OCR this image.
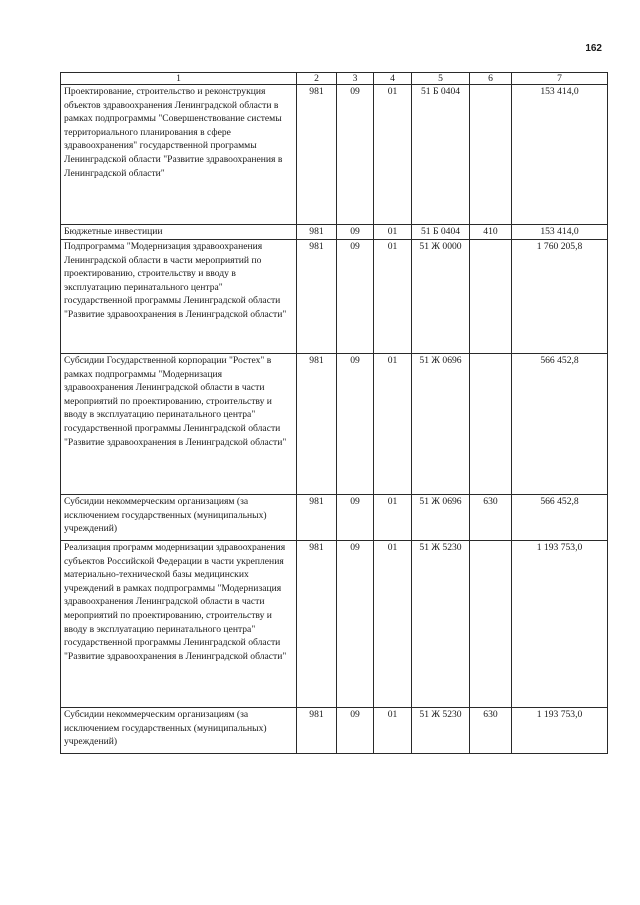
162
1	2	3	4	5	6	7
Проектирование, строительство и реконструкция объектов здравоохранения Ленинградской области в рамках подпрограммы "Совершенствование системы территориального планирования в сфере здравоохранения" государственной программы Ленинградской области "Развитие здравоохранения в Ленинградской области"	981	09	01	51 Б 0404		153 414,0
Бюджетные инвестиции	981	09	01	51 Б 0404	410	153 414,0
Подпрограмма "Модернизация здравоохранения Ленинградской области в части мероприятий по проектированию, строительству и вводу в эксплуатацию перинатального центра" государственной программы Ленинградской области "Развитие здравоохранения в Ленинградской области"	981	09	01	51 Ж 0000		1 760 205,8
Субсидии Государственной корпорации "Ростех" в рамках подпрограммы "Модернизация здравоохранения Ленинградской области в части мероприятий по проектированию, строительству и вводу в эксплуатацию перинатального центра" государственной программы Ленинградской области "Развитие здравоохранения в Ленинградской области"	981	09	01	51 Ж 0696		566 452,8
Субсидии некоммерческим организациям (за исключением государственных (муниципальных) учреждений)	981	09	01	51 Ж 0696	630	566 452,8
Реализация программ модернизации здравоохранения субъектов Российской Федерации в части укрепления материально-технической базы медицинских учреждений в рамках подпрограммы "Модернизация здравоохранения Ленинградской области в части мероприятий по проектированию, строительству и вводу в эксплуатацию перинатального центра" государственной программы Ленинградской области "Развитие здравоохранения в Ленинградской области"	981	09	01	51 Ж 5230		1 193 753,0
Субсидии некоммерческим организациям (за исключением государственных (муниципальных) учреждений)	981	09	01	51 Ж 5230	630	1 193 753,0
